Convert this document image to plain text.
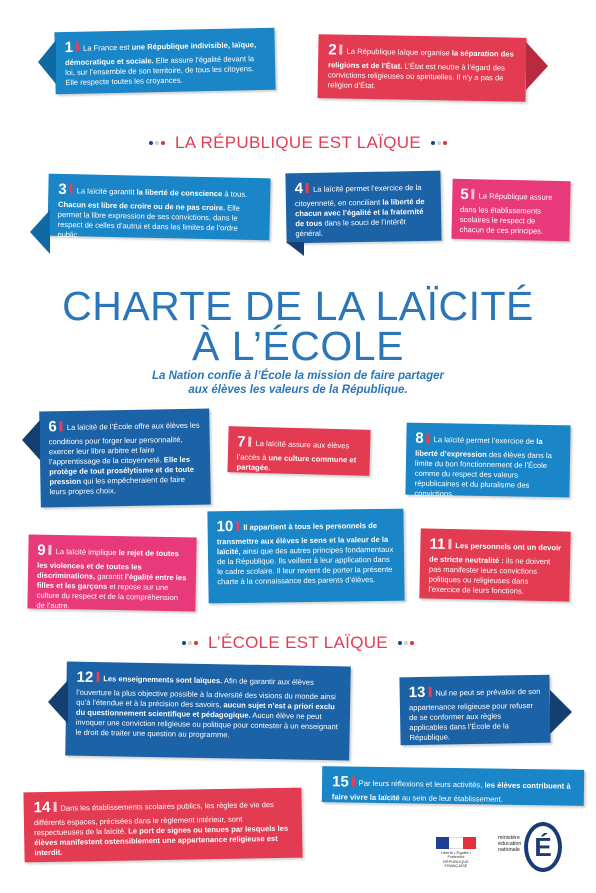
1 La France est une République indivisible, laïque, démocratique et sociale. Elle assure l’égalité devant la loi, sur l’ensemble de son territoire, de tous les citoyens. Elle respecte toutes les croyances.
2 La République laïque organise la séparation des religions et de l’État. L’État est neutre à l’égard des convictions religieuses ou spirituelles. Il n’y a pas de religion d’État.
LA RÉPUBLIQUE EST LAÏQUE
3 La laïcité garantit la liberté de conscience à tous. Chacun est libre de croire ou de ne pas croire. Elle permet la libre expression de ses convictions, dans le respect de celles d’autrui et dans les limites de l’ordre public.
4 La laïcité permet l’exercice de la citoyenneté, en conciliant la liberté de chacun avec l’égalité et la fraternité de tous dans le souci de l’intérêt général.
5 La République assure dans les établissements scolaires le respect de chacun de ces principes.
CHARTE DE LA LAÏCITÉ
À L’ÉCOLE
La Nation confie à l’École la mission de faire partager
aux élèves les valeurs de la République.
6 La laïcité de l’École offre aux élèves les conditions pour forger leur personnalité, exercer leur libre arbitre et faire l’apprentissage de la citoyenneté. Elle les protège de tout prosélytisme et de toute pression qui les empêcheraient de faire leurs propres choix.
7 La laïcité assure aux élèves l’accès à une culture commune et partagée.
8 La laïcité permet l’exercice de la liberté d’expression des élèves dans la limite du bon fonctionnement de l’École comme du respect des valeurs républicaines et du pluralisme des convictions.
9 La laïcité implique le rejet de toutes les violences et de toutes les discriminations, garantit l’égalité entre les filles et les garçons et repose sur une culture du respect et de la compréhension de l’autre.
10 Il appartient à tous les personnels de transmettre aux élèves le sens et la valeur de la laïcité, ainsi que des autres principes fondamentaux de la République. Ils veillent à leur application dans le cadre scolaire. Il leur revient de porter la présente charte à la connaissance des parents d’élèves.
11 Les personnels ont un devoir de stricte neutralité : ils ne doivent pas manifester leurs convictions politiques ou religieuses dans l’exercice de leurs fonctions.
L’ÉCOLE EST LAÏQUE
12 Les enseignements sont laïques. Afin de garantir aux élèves l’ouverture la plus objective possible à la diversité des visions du monde ainsi qu’à l’étendue et à la précision des savoirs, aucun sujet n’est a priori exclu du questionnement scientifique et pédagogique. Aucun élève ne peut invoquer une conviction religieuse ou politique pour contester à un enseignant le droit de traiter une question au programme.
13 Nul ne peut se prévaloir de son appartenance religieuse pour refuser de se conformer aux règles applicables dans l’École de la République.
15 Par leurs réflexions et leurs activités, les élèves contribuent à faire vivre la laïcité au sein de leur établissement.
14 Dans les établissements scolaires publics, les règles de vie des différents espaces, précisées dans le règlement intérieur, sont respectueuses de la laïcité. Le port de signes ou tenues par lesquels les élèves manifestent ostensiblement une appartenance religieuse est interdit.	Liberté • Égalité • Fraternité RÉPUBLIQUE FRANÇAISE
ministère
éducation
nationale É
